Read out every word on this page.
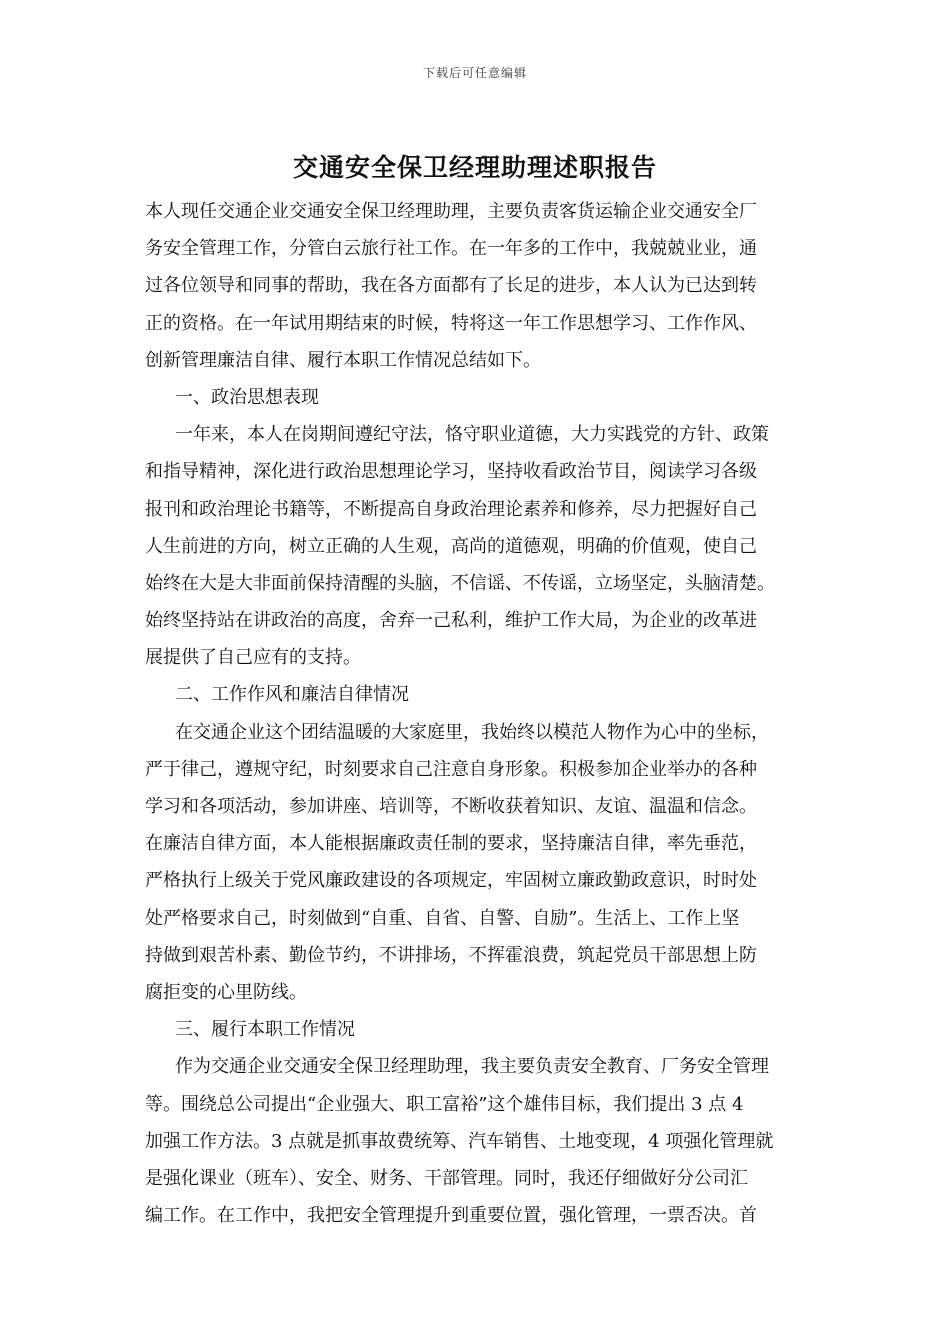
下载后可任意编辑
交通安全保卫经理助理述职报告
本人现任交通企业交通安全保卫经理助理，主要负责客货运输企业交通安全厂
务安全管理工作，分管白云旅行社工作。在一年多的工作中，我兢兢业业，通
过各位领导和同事的帮助，我在各方面都有了长足的进步，本人认为已达到转
正的资格。在一年试用期结束的时候，特将这一年工作思想学习、工作作风、
创新管理廉洁自律、履行本职工作情况总结如下。
一、政治思想表现
一年来，本人在岗期间遵纪守法，恪守职业道德，大力实践党的方针、政策
和指导精神，深化进行政治思想理论学习，坚持收看政治节目，阅读学习各级
报刊和政治理论书籍等，不断提高自身政治理论素养和修养，尽力把握好自己
人生前进的方向，树立正确的人生观，高尚的道德观，明确的价值观，使自己
始终在大是大非面前保持清醒的头脑，不信谣、不传谣，立场坚定，头脑清楚。
始终坚持站在讲政治的高度，舍弃一己私利，维护工作大局，为企业的改革进
展提供了自己应有的支持。
二、工作作风和廉洁自律情况
在交通企业这个团结温暖的大家庭里，我始终以模范人物作为心中的坐标，
严于律己，遵规守纪，时刻要求自己注意自身形象。积极参加企业举办的各种
学习和各项活动，参加讲座、培训等，不断收获着知识、友谊、温温和信念。
在廉洁自律方面，本人能根据廉政责任制的要求，坚持廉洁自律，率先垂范，
严格执行上级关于党风廉政建设的各项规定，牢固树立廉政勤政意识，时时处
处严格要求自己，时刻做到“自重、自省、自警、自励”。生活上、工作上坚
持做到艰苦朴素、勤俭节约，不讲排场，不挥霍浪费，筑起党员干部思想上防
腐拒变的心里防线。
三、履行本职工作情况
作为交通企业交通安全保卫经理助理，我主要负责安全教育、厂务安全管理
等。围绕总公司提出“企业强大、职工富裕”这个雄伟目标，我们提出 3 点 4
加强工作方法。3 点就是抓事故费统筹、汽车销售、土地变现，4 项强化管理就
是强化课业（班车）、安全、财务、干部管理。同时，我还仔细做好分公司汇
编工作。在工作中，我把安全管理提升到重要位置，强化管理，一票否决。首
